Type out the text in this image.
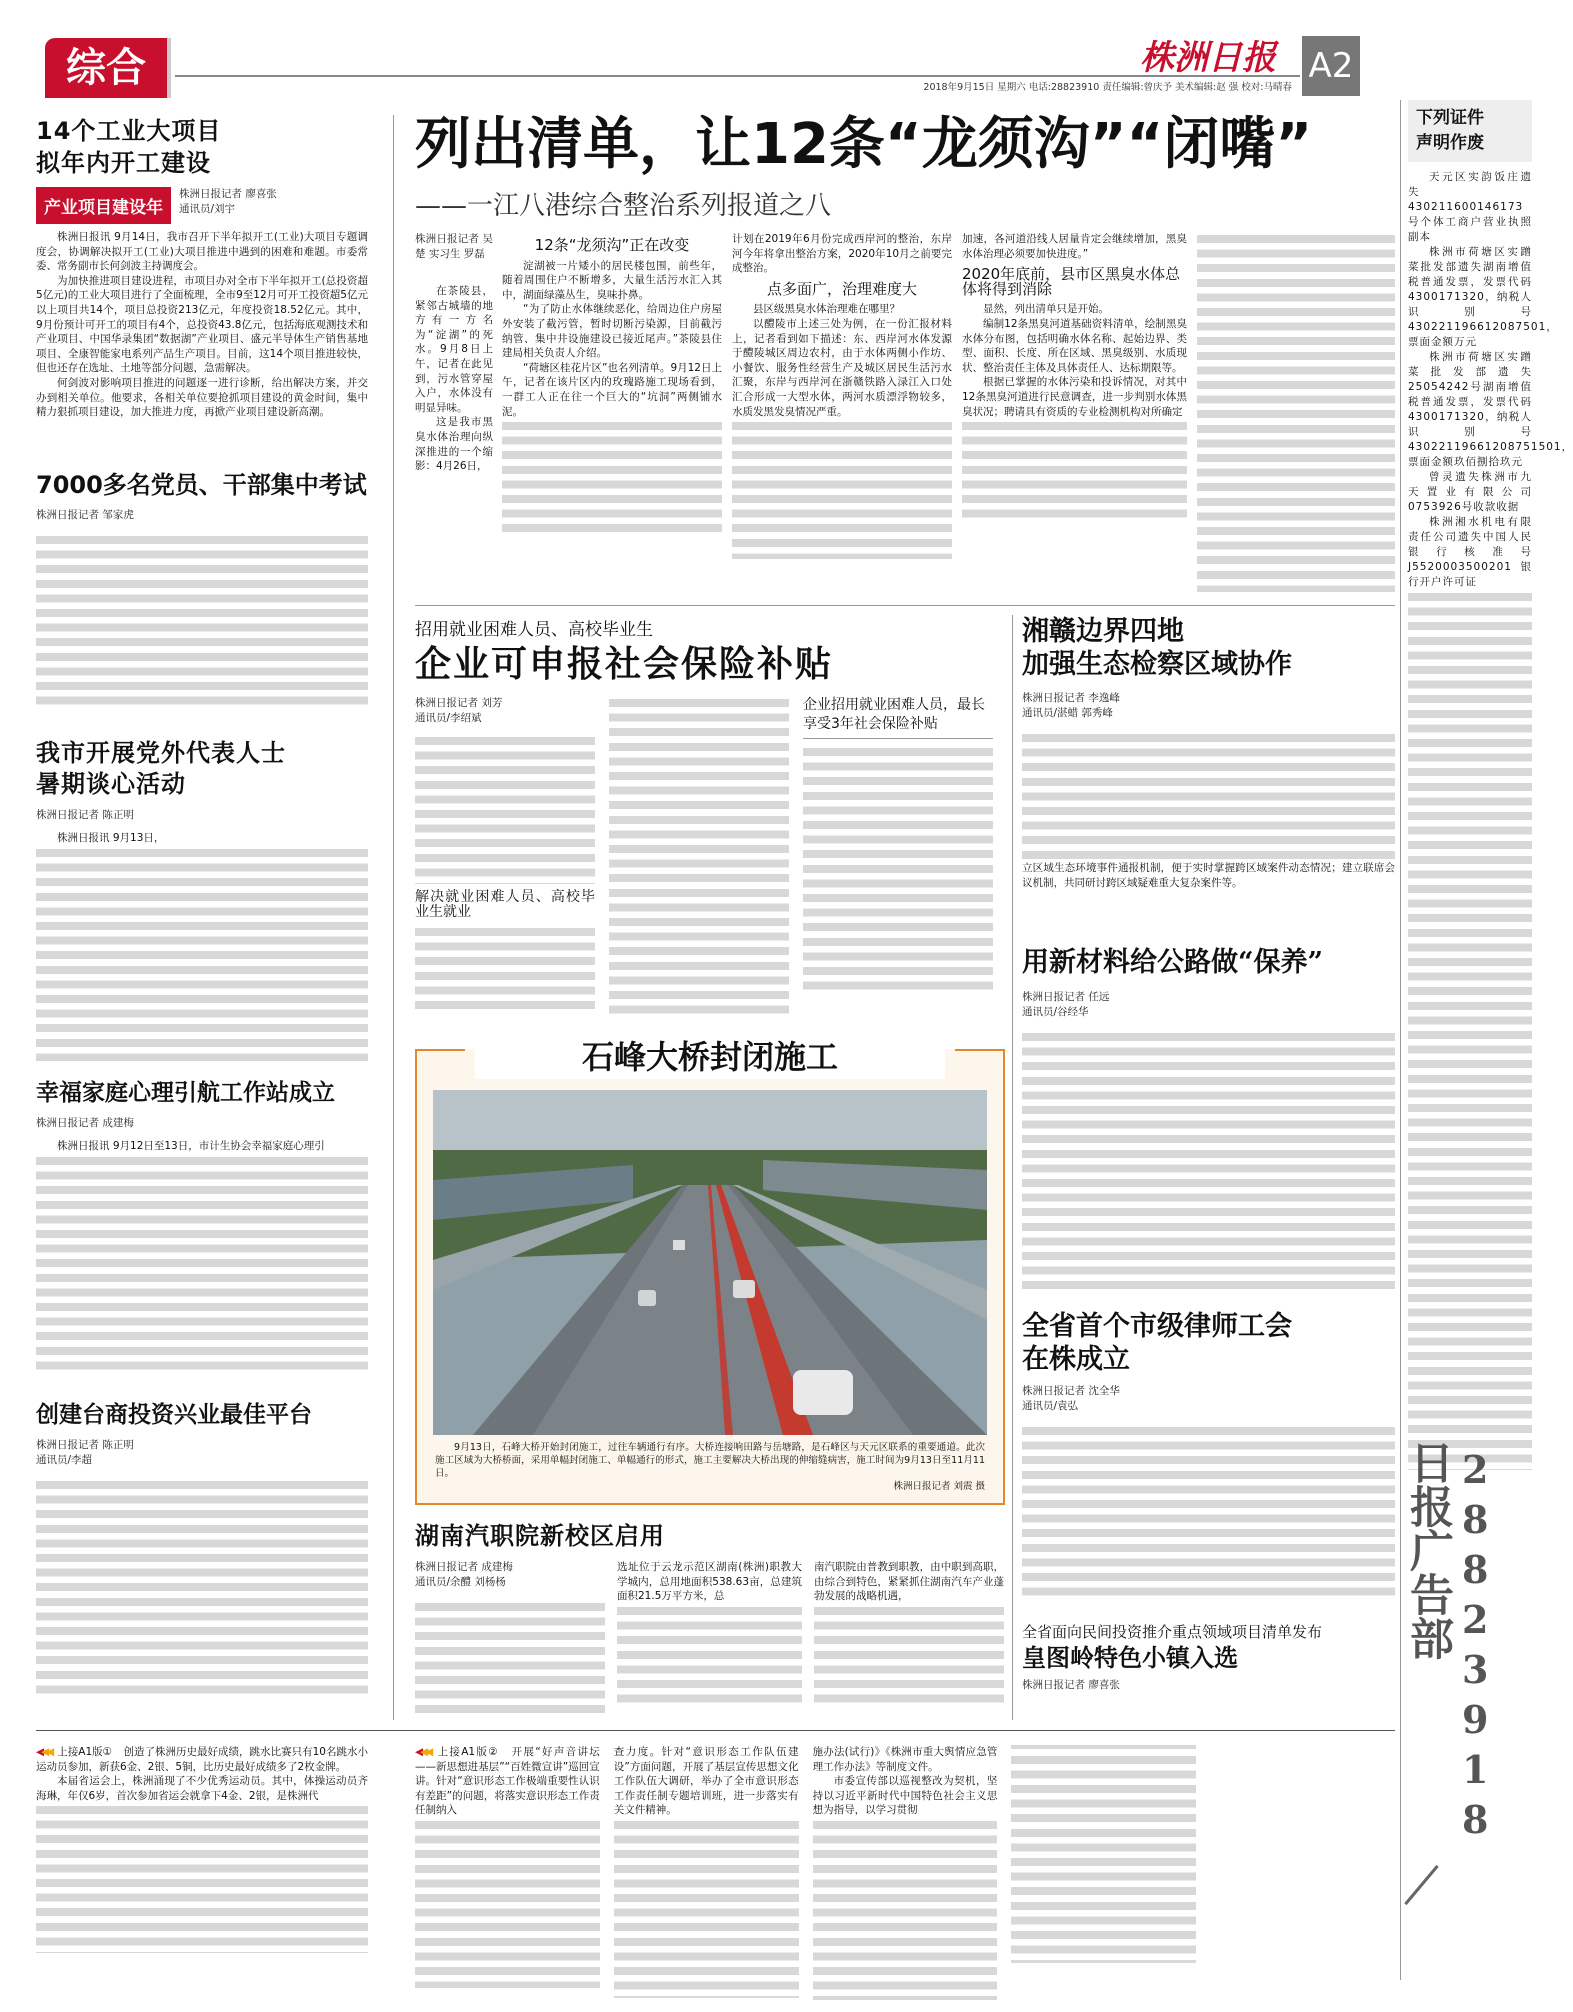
综合	株洲日报 A2
2018年9月15日 星期六 电话:28823910 责任编辑:曾庆予 美术编辑:赵 强 校对:马晴春
14个工业大项目
拟年内开工建设
产业项目建设年
株洲日报记者 廖喜张
通讯员/刘宇

株洲日报讯 9月14日，我市召开下半年拟开工(工业)大项目专题调度会，协调解决拟开工(工业)大项目推进中遇到的困难和难题。市委常委、常务副市长何剑波主持调度会。

为加快推进项目建设进程，市项目办对全市下半年拟开工(总投资超5亿元)的工业大项目进行了全面梳理，全市9至12月可开工投资超5亿元以上项目共14个，项目总投资213亿元，年度投资18.52亿元。其中，9月份预计可开工的项目有4个，总投资43.8亿元，包括海底观测技术和产业项目、中国华录集团“数据湖”产业项目、盛元半导体生产销售基地项目、全康智能家电系列产品生产项目。目前，这14个项目推进较快，但也还存在选址、土地等部分问题，急需解决。

何剑波对影响项目推进的问题逐一进行诊断，给出解决方案，并交办到相关单位。他要求，各相关单位要抢抓项目建设的黄金时间，集中精力狠抓项目建设，加大推进力度，再掀产业项目建设新高潮。

7000多名党员、干部集中考试
株洲日报记者 邹家虎
我市开展党外代表人士
暑期谈心活动
株洲日报记者 陈正明

株洲日报讯 9月13日，

幸福家庭心理引航工作站成立
株洲日报记者 成建梅

株洲日报讯 9月12日至13日，市计生协会幸福家庭心理引

创建台商投资兴业最佳平台
株洲日报记者 陈正明
通讯员/李超
列出清单，让12条“龙须沟”“闭嘴”
——一江八港综合整治系列报道之八
株洲日报记者 吴楚 实习生 罗磊

在茶陵县，紧邻古城墙的地方有一方名为“淀湖”的死水。9月8日上午，记者在此见到，污水管穿屋入户，水体没有明显异味。

这是我市黑臭水体治理向纵深推进的一个缩影：4月26日，

12条“龙须沟”正在改变

淀湖被一片矮小的居民楼包围，前些年，随着周围住户不断增多，大量生活污水汇入其中，湖面绿藻丛生，臭味扑鼻。

“为了防止水体继续恶化，给周边住户房屋外安装了截污管，暂时切断污染源，目前截污纳管、集中井设施建设已接近尾声。”茶陵县住建局相关负责人介绍。

“荷塘区桂花片区”也名列清单。9月12日上午，记者在该片区内的玫瑰路施工现场看到，一群工人正在往一个巨大的“坑洞”两侧铺水泥。

计划在2019年6月份完成西岸河的整治，东岸河今年将拿出整治方案，2020年10月之前要完成整治。

点多面广，治理难度大

县区级黑臭水体治理难在哪里？

以醴陵市上述三处为例，在一份汇报材料上，记者看到如下描述：东、西岸河水体发源于醴陵城区周边农村，由于水体两侧小作坊、小餐饮、服务性经营生产及城区居民生活污水汇聚，东岸与西岸河在浙赣铁路入渌江入口处汇合形成一大型水体，两河水质漂浮物较多，水质发黑发臭情况严重。

加速，各河道沿线人居量肯定会继续增加，黑臭水体治理必须要加快进度。”

2020年底前，县市区黑臭水体总体将得到消除

显然，列出清单只是开始。

编制12条黑臭河道基础资料清单，绘制黑臭水体分布图，包括明确水体名称、起始边界、类型、面积、长度、所在区域、黑臭级别、水质现状、整治责任主体及具体责任人、达标期限等。

根据已掌握的水体污染和投诉情况，对其中12条黑臭河道进行民意调查，进一步判别水体黑臭状况；聘请具有资质的专业检测机构对所确定

招用就业困难人员、高校毕业生
企业可申报社会保险补贴
株洲日报记者 刘芳
通讯员/李绍斌
解决就业困难人员、高校毕业生就业
企业招用就业困难人员，最长享受3年社会保险补贴
湘赣边界四地
加强生态检察区域协作
株洲日报记者 李逸峰
通讯员/湛蜡 郭秀峰

立区域生态环境事件通报机制，便于实时掌握跨区域案件动态情况；建立联席会议机制，共同研讨跨区域疑难重大复杂案件等。

用新材料给公路做“保养”
株洲日报记者 任远
通讯员/谷经华
全省首个市级律师工会
在株成立
株洲日报记者 沈全华
通讯员/袁弘
全省面向民间投资推介重点领域项目清单发布
皇图岭特色小镇入选
株洲日报记者 廖喜张
石峰大桥封闭施工

9月13日，石峰大桥开始封闭施工，过往车辆通行有序。大桥连接响田路与岳塘路，是石峰区与天元区联系的重要通道。此次施工区域为大桥桥面，采用单幅封闭施工、单幅通行的形式，施工主要解决大桥出现的伸缩缝病害，施工时间为9月13日至11月11日。

株洲日报记者 刘震 摄
湖南汽职院新校区启用
株洲日报记者 成建梅
通讯员/余醴 刘杨杨

选址位于云龙示范区湖南(株洲)职教大学城内，总用地面积538.63亩，总建筑面积21.5万平方米，总

南汽职院由普教到职教，由中职到高职，由综合到特色，紧紧抓住湖南汽车产业蓬勃发展的战略机遇，

◀◀◀ 上接A1版① 创造了株洲历史最好成绩，跳水比赛只有10名跳水小运动员参加，新获6金、2银、5铜，比历史最好成绩多了2枚金牌。

本届省运会上，株洲涌现了不少优秀运动员。其中，体操运动员齐海琳，年仅6岁，首次参加省运会就拿下4金、2银，是株洲代

◀◀◀ 上接A1版② 开展“好声音讲坛——新思想进基层”“百姓微宣讲”巡回宣讲。针对“意识形态工作极端重要性认识有差距”的问题，将落实意识形态工作责任制纳入

查力度。针对“意识形态工作队伍建设”方面问题，开展了基层宣传思想文化工作队伍大调研，举办了全市意识形态工作责任制专题培训班，进一步落实有关文件精神。

施办法(试行)》《株洲市重大舆情应急管理工作办法》等制度文件。

市委宣传部以巡视整改为契机，坚持以习近平新时代中国特色社会主义思想为指导，以学习贯彻

下列证件
声明作废

天元区实韵饭庄遗失430211600146173号个体工商户营业执照副本

株洲市荷塘区实蹭菜批发部遗失湖南增值税普通发票，发票代码4300171320，纳税人识别号430221196612087501，票面金额万元

株洲市荷塘区实蹭菜批发部遗失25054242号湖南增值税普通发票，发票代码4300171320，纳税人识别号43022119661208751501，票面金额玖佰捌拾玖元

曾灵遗失株洲市九天置业有限公司0753926号收款收据

株洲湘水机电有限责任公司遗失中国人民银行核准号J5520003500201银行开户许可证

日报广告部 28823918
